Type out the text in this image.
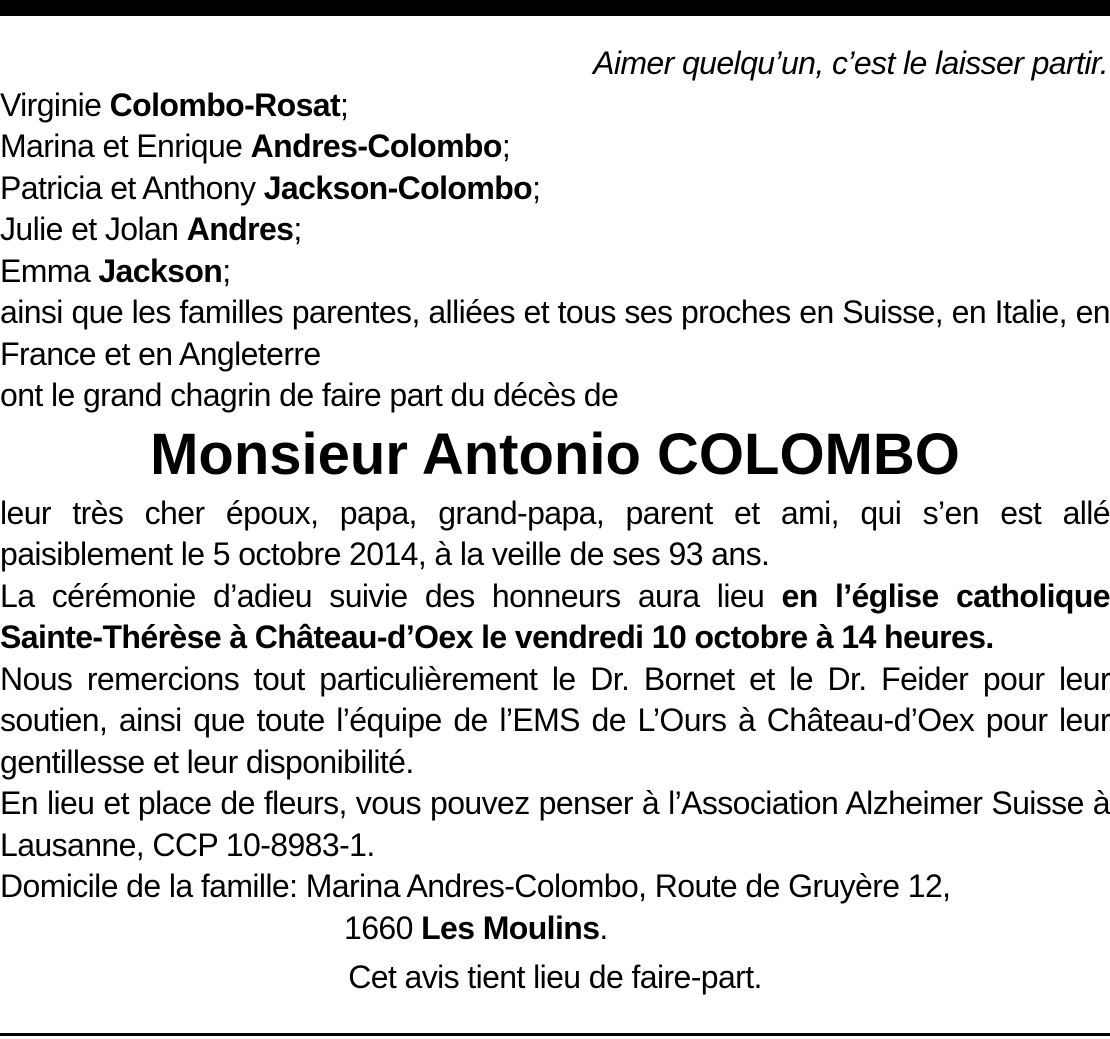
Aimer quelqu’un, c’est le laisser partir.

Virginie Colombo-Rosat;

Marina et Enrique Andres-Colombo;

Patricia et Anthony Jackson-Colombo;

Julie et Jolan Andres;

Emma Jackson;

ainsi que les familles parentes, alliées et tous ses proches en Suisse, en Italie, en France et en Angleterre

ont le grand chagrin de faire part du décès de

Monsieur Antonio COLOMBO

leur très cher époux, papa, grand-papa, parent et ami, qui s’en est allé paisiblement le 5 octobre 2014, à la veille de ses 93 ans.

La cérémonie d’adieu suivie des honneurs aura lieu en l’église catholique Sainte-Thérèse à Château-d’Oex le vendredi 10 octobre à 14 heures.

Nous remercions tout particulièrement le Dr. Bornet et le Dr. Feider pour leur soutien, ainsi que toute l’équipe de l’EMS de L’Ours à Château-d’Oex pour leur gentillesse et leur disponibilité.

En lieu et place de fleurs, vous pouvez penser à l’Association Alzheimer Suisse à Lausanne, CCP 10-8983-1.

Domicile de la famille: Marina Andres-Colombo, Route de Gruyère 12,

1660 Les Moulins.

Cet avis tient lieu de faire-part.
